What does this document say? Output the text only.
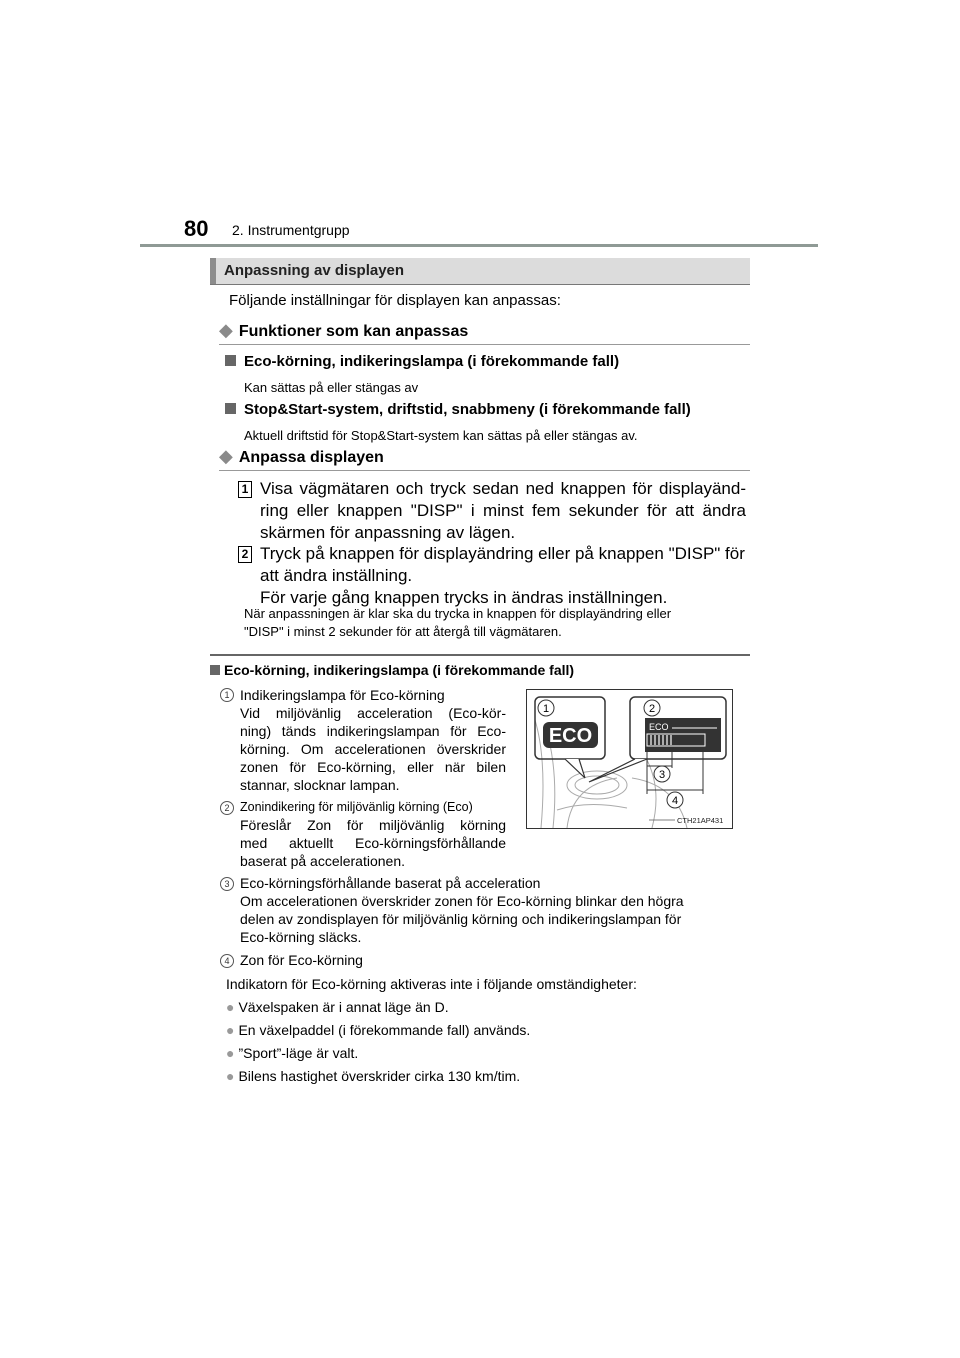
80 2. Instrumentgrupp
Anpassning av displayen
Följande inställningar för displayen kan anpassas:
◆ Funktioner som kan anpassas
Eco-körning, indikeringslampa (i förekommande fall)
Kan sättas på eller stängas av
Stop&Start-system, driftstid, snabbmeny (i förekommande fall)
Aktuell driftstid för Stop&Start-system kan sättas på eller stängas av.
◆ Anpassa displayen
1 Visa vägmätaren och tryck sedan ned knappen för displayänd-
ring eller knappen "DISP" i minst fem sekunder för att ändra
skärmen för anpassning av lägen.
2 Tryck på knappen för displayändring eller på knappen "DISP" för
att ändra inställning.
För varje gång knappen trycks in ändras inställningen.
När anpassningen är klar ska du trycka in knappen för displayändring eller
"DISP" i minst 2 sekunder för att återgå till vägmätaren.
Eco-körning, indikeringslampa (i förekommande fall)
1 Indikeringslampa för Eco-körning
Vid miljövänlig acceleration (Eco-kör-
ning) tänds indikeringslampan för Eco-
körning. Om accelerationen överskrider
zonen för Eco-körning, eller när bilen
stannar, slocknar lampan.
2 Zonindikering för miljövänlig körning (Eco)
Föreslår Zon för miljövänlig körning
med aktuellt Eco-körningsförhållande
baserat på accelerationen.
3 Eco-körningsförhållande baserat på acceleration
Om accelerationen överskrider zonen för Eco-körning blinkar den högra
delen av zondisplayen för miljövänlig körning och indikeringslampan för
Eco-körning släcks.
4 Zon för Eco-körning
Indikatorn för Eco-körning aktiveras inte i följande omständigheter:
● Växelspaken är i annat läge än D.
● En växelpaddel (i förekommande fall) används.
● ”Sport”-läge är valt.
● Bilens hastighet överskrider cirka 130 km/tim.
ECO
1
ECO
2
3
4
CTH21AP431
